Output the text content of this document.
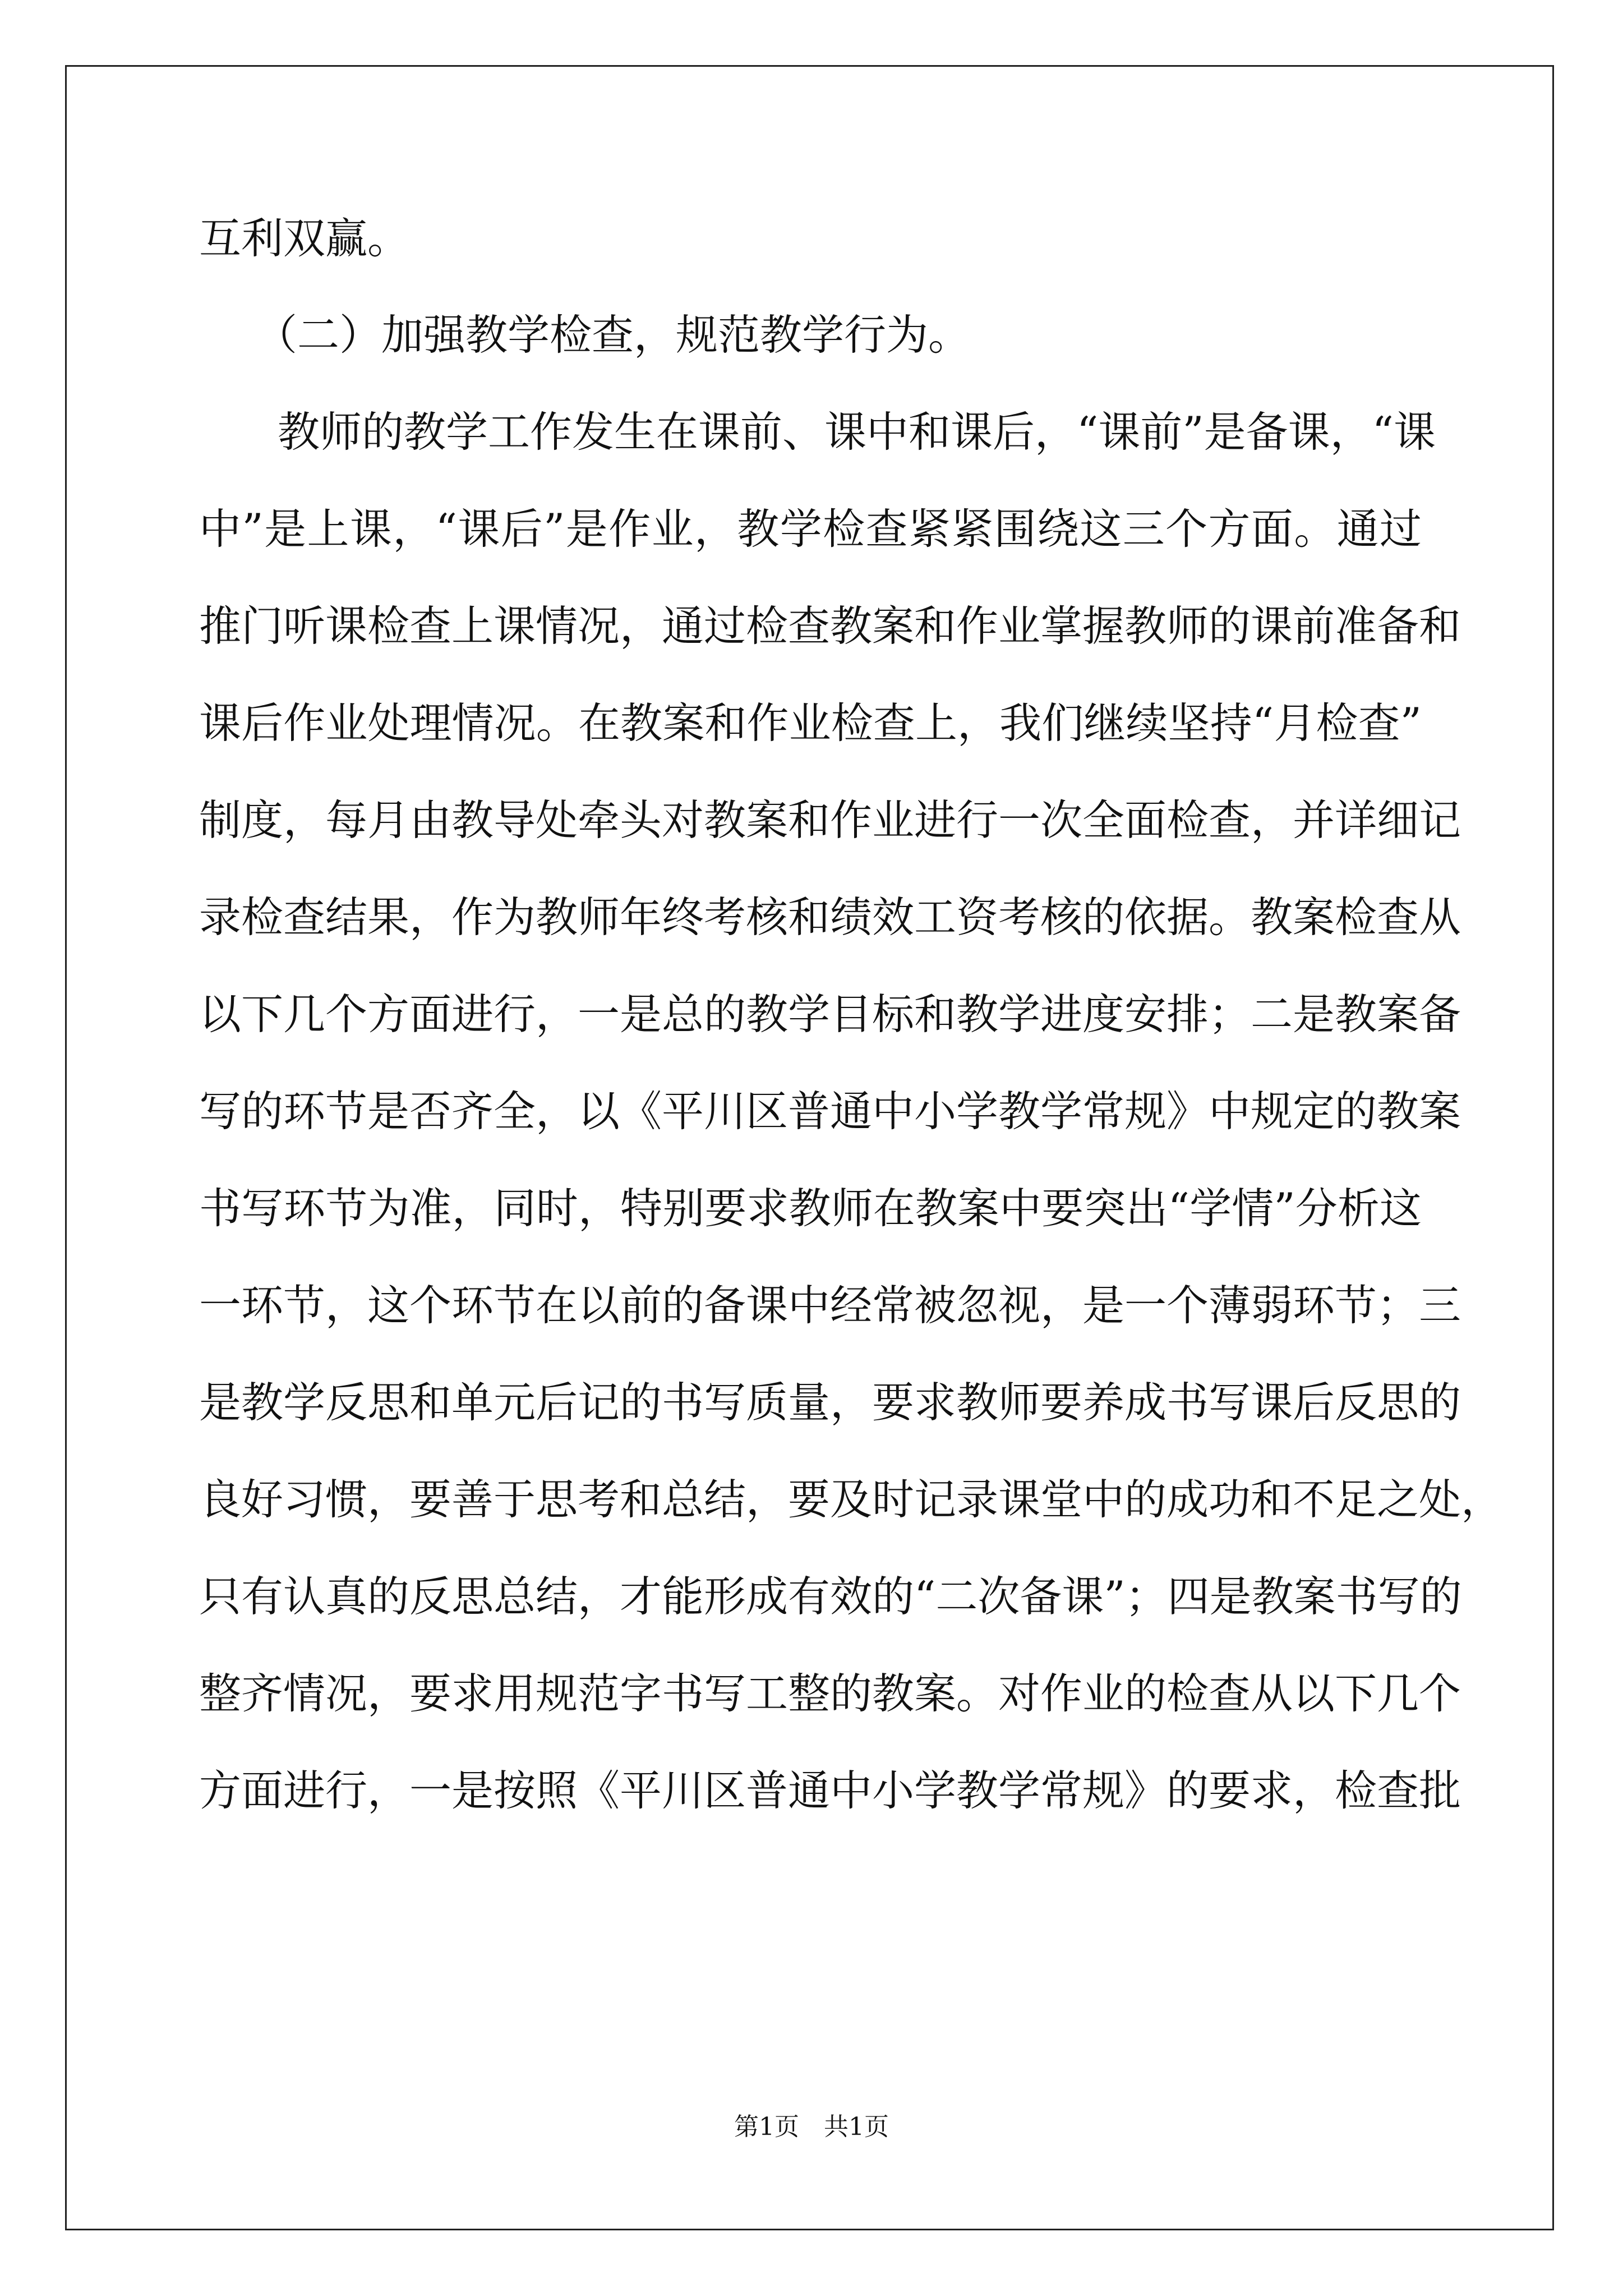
互利双赢。
（二）加强教学检查，规范教学行为。
教师的教学工作发生在课前、课中和课后，“课前”是备课，“课
中”是上课，“课后”是作业，教学检查紧紧围绕这三个方面。通过
推门听课检查上课情况，通过检查教案和作业掌握教师的课前准备和
课后作业处理情况。在教案和作业检查上，我们继续坚持“月检查”
制度，每月由教导处牵头对教案和作业进行一次全面检查，并详细记
录检查结果，作为教师年终考核和绩效工资考核的依据。教案检查从
以下几个方面进行，一是总的教学目标和教学进度安排；二是教案备
写的环节是否齐全，以《平川区普通中小学教学常规》中规定的教案
书写环节为准，同时，特别要求教师在教案中要突出“学情”分析这
一环节，这个环节在以前的备课中经常被忽视，是一个薄弱环节；三
是教学反思和单元后记的书写质量，要求教师要养成书写课后反思的
良好习惯，要善于思考和总结，要及时记录课堂中的成功和不足之处，
只有认真的反思总结，才能形成有效的“二次备课”；四是教案书写的
整齐情况，要求用规范字书写工整的教案。对作业的检查从以下几个
方面进行，一是按照《平川区普通中小学教学常规》的要求，检查批
第1页　共1页
